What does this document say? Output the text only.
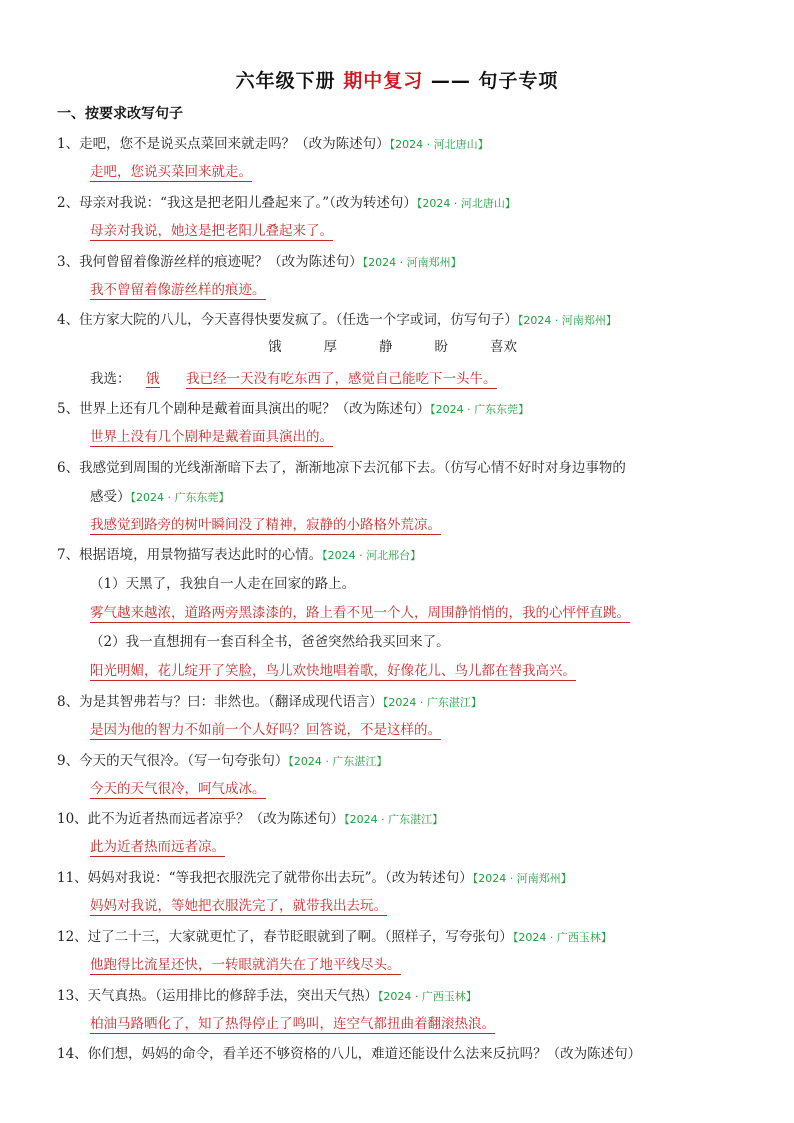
六年级下册 期中复习 —— 句子专项
一、按要求改写句子
1、走吧，您不是说买点菜回来就走吗？（改为陈述句）【2024 · 河北唐山】
走吧，您说买菜回来就走。
2、母亲对我说：“我这是把老阳儿叠起来了。”（改为转述句）【2024 · 河北唐山】
母亲对我说，她这是把老阳儿叠起来了。
3、我何曾留着像游丝样的痕迹呢？（改为陈述句）【2024 · 河南郑州】
我不曾留着像游丝样的痕迹。
4、住方家大院的八儿，今天喜得快要发疯了。（任选一个字或词，仿写句子）【2024 · 河南郑州】
饿	厚	静	盼	喜欢
我选： 饿 我已经一天没有吃东西了，感觉自己能吃下一头牛。
5、世界上还有几个剧种是戴着面具演出的呢？（改为陈述句）【2024 · 广东东莞】
世界上没有几个剧种是戴着面具演出的。
6、我感觉到周围的光线渐渐暗下去了，渐渐地凉下去沉郁下去。（仿写心情不好时对身边事物的
感受）【2024 · 广东东莞】
我感觉到路旁的树叶瞬间没了精神，寂静的小路格外荒凉。
7、根据语境，用景物描写表达此时的心情。【2024 · 河北邢台】
（1）天黑了，我独自一人走在回家的路上。
雾气越来越浓，道路两旁黑漆漆的，路上看不见一个人，周围静悄悄的，我的心怦怦直跳。
（2）我一直想拥有一套百科全书，爸爸突然给我买回来了。
阳光明媚，花儿绽开了笑脸，鸟儿欢快地唱着歌，好像花儿、鸟儿都在替我高兴。
8、为是其智弗若与？曰：非然也。（翻译成现代语言）【2024 · 广东湛江】
是因为他的智力不如前一个人好吗？回答说，不是这样的。
9、今天的天气很冷。（写一句夸张句）【2024 · 广东湛江】
今天的天气很冷，呵气成冰。
10、此不为近者热而远者凉乎？（改为陈述句）【2024 · 广东湛江】
此为近者热而远者凉。
11、妈妈对我说：“等我把衣服洗完了就带你出去玩”。（改为转述句）【2024 · 河南郑州】
妈妈对我说，等她把衣服洗完了，就带我出去玩。
12、过了二十三，大家就更忙了，春节眨眼就到了啊。（照样子，写夸张句）【2024 · 广西玉林】
他跑得比流星还快，一转眼就消失在了地平线尽头。
13、天气真热。（运用排比的修辞手法，突出天气热）【2024 · 广西玉林】
柏油马路晒化了，知了热得停止了鸣叫，连空气都扭曲着翻滚热浪。
14、你们想，妈妈的命令，看羊还不够资格的八儿，难道还能设什么法来反抗吗？（改为陈述句）
